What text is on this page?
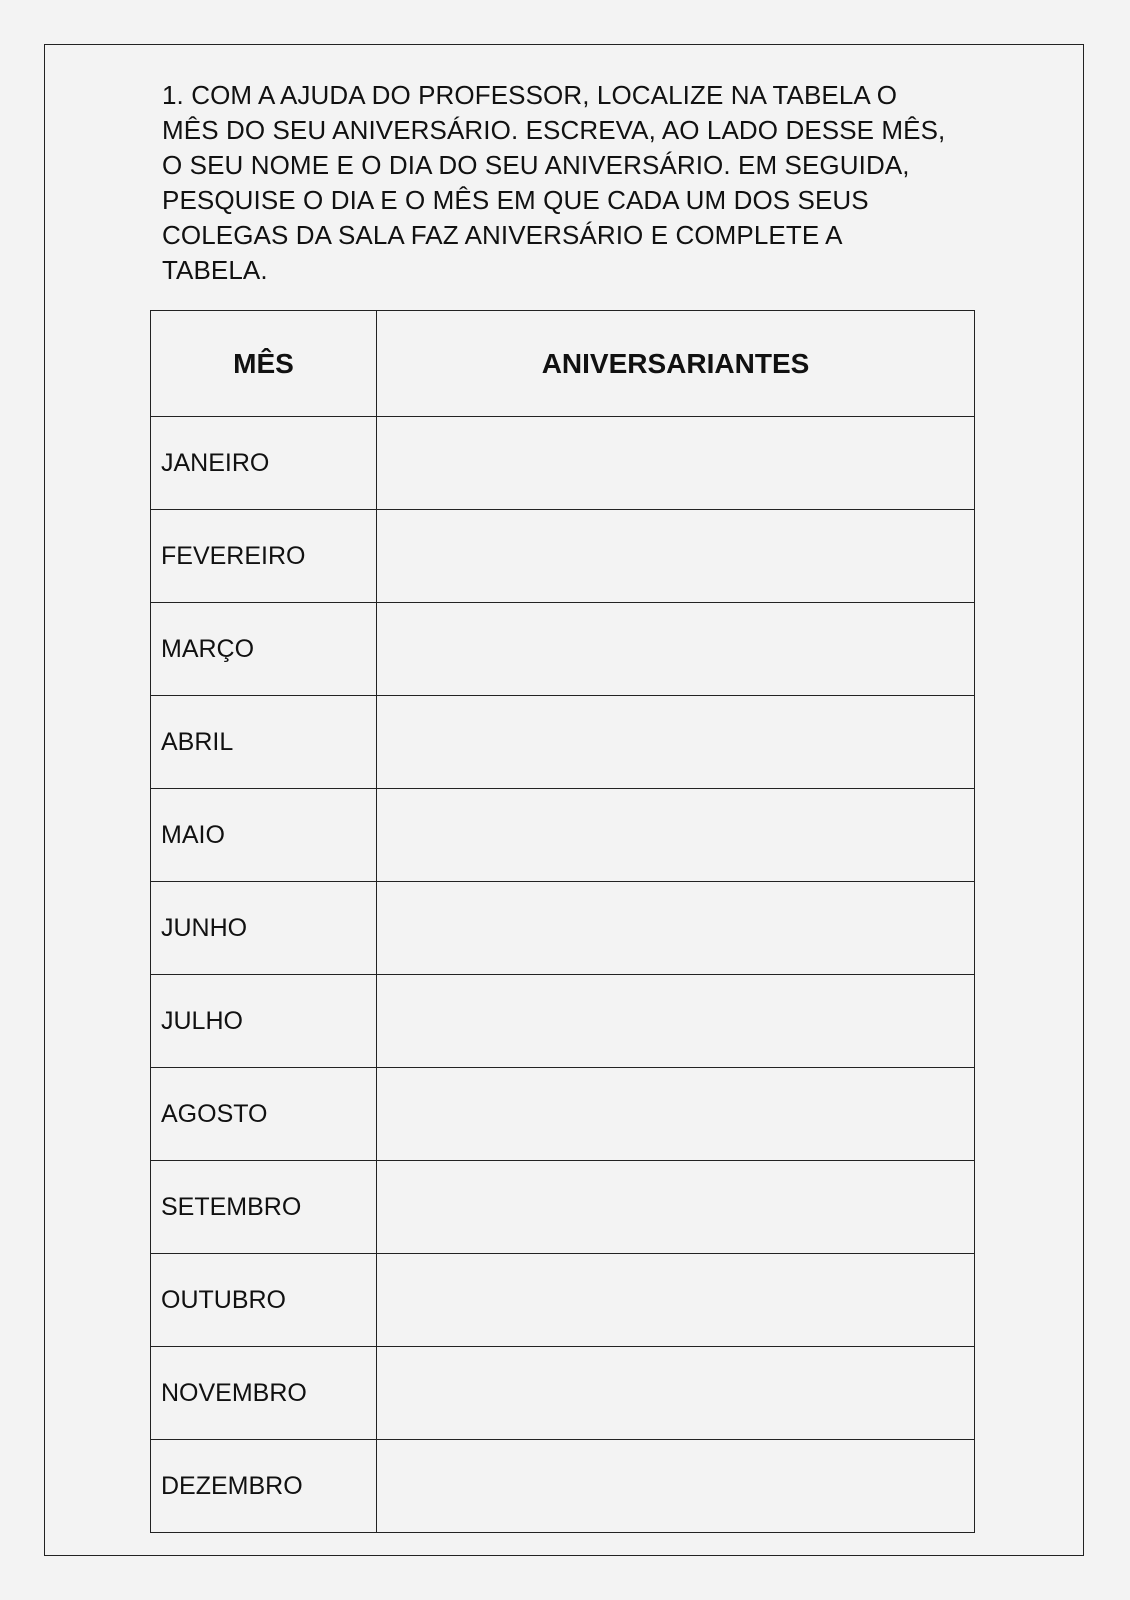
1. COM A AJUDA DO PROFESSOR, LOCALIZE NA TABELA O
MÊS DO SEU ANIVERSÁRIO. ESCREVA, AO LADO DESSE MÊS,
O SEU NOME E O DIA DO SEU ANIVERSÁRIO. EM SEGUIDA,
PESQUISE O DIA E O MÊS EM QUE CADA UM DOS SEUS
COLEGAS DA SALA FAZ ANIVERSÁRIO E COMPLETE A
TABELA.
MÊS	ANIVERSARIANTES
JANEIRO	
FEVEREIRO	
MARÇO	
ABRIL	
MAIO	
JUNHO	
JULHO	
AGOSTO	
SETEMBRO	
OUTUBRO	
NOVEMBRO	
DEZEMBRO	
